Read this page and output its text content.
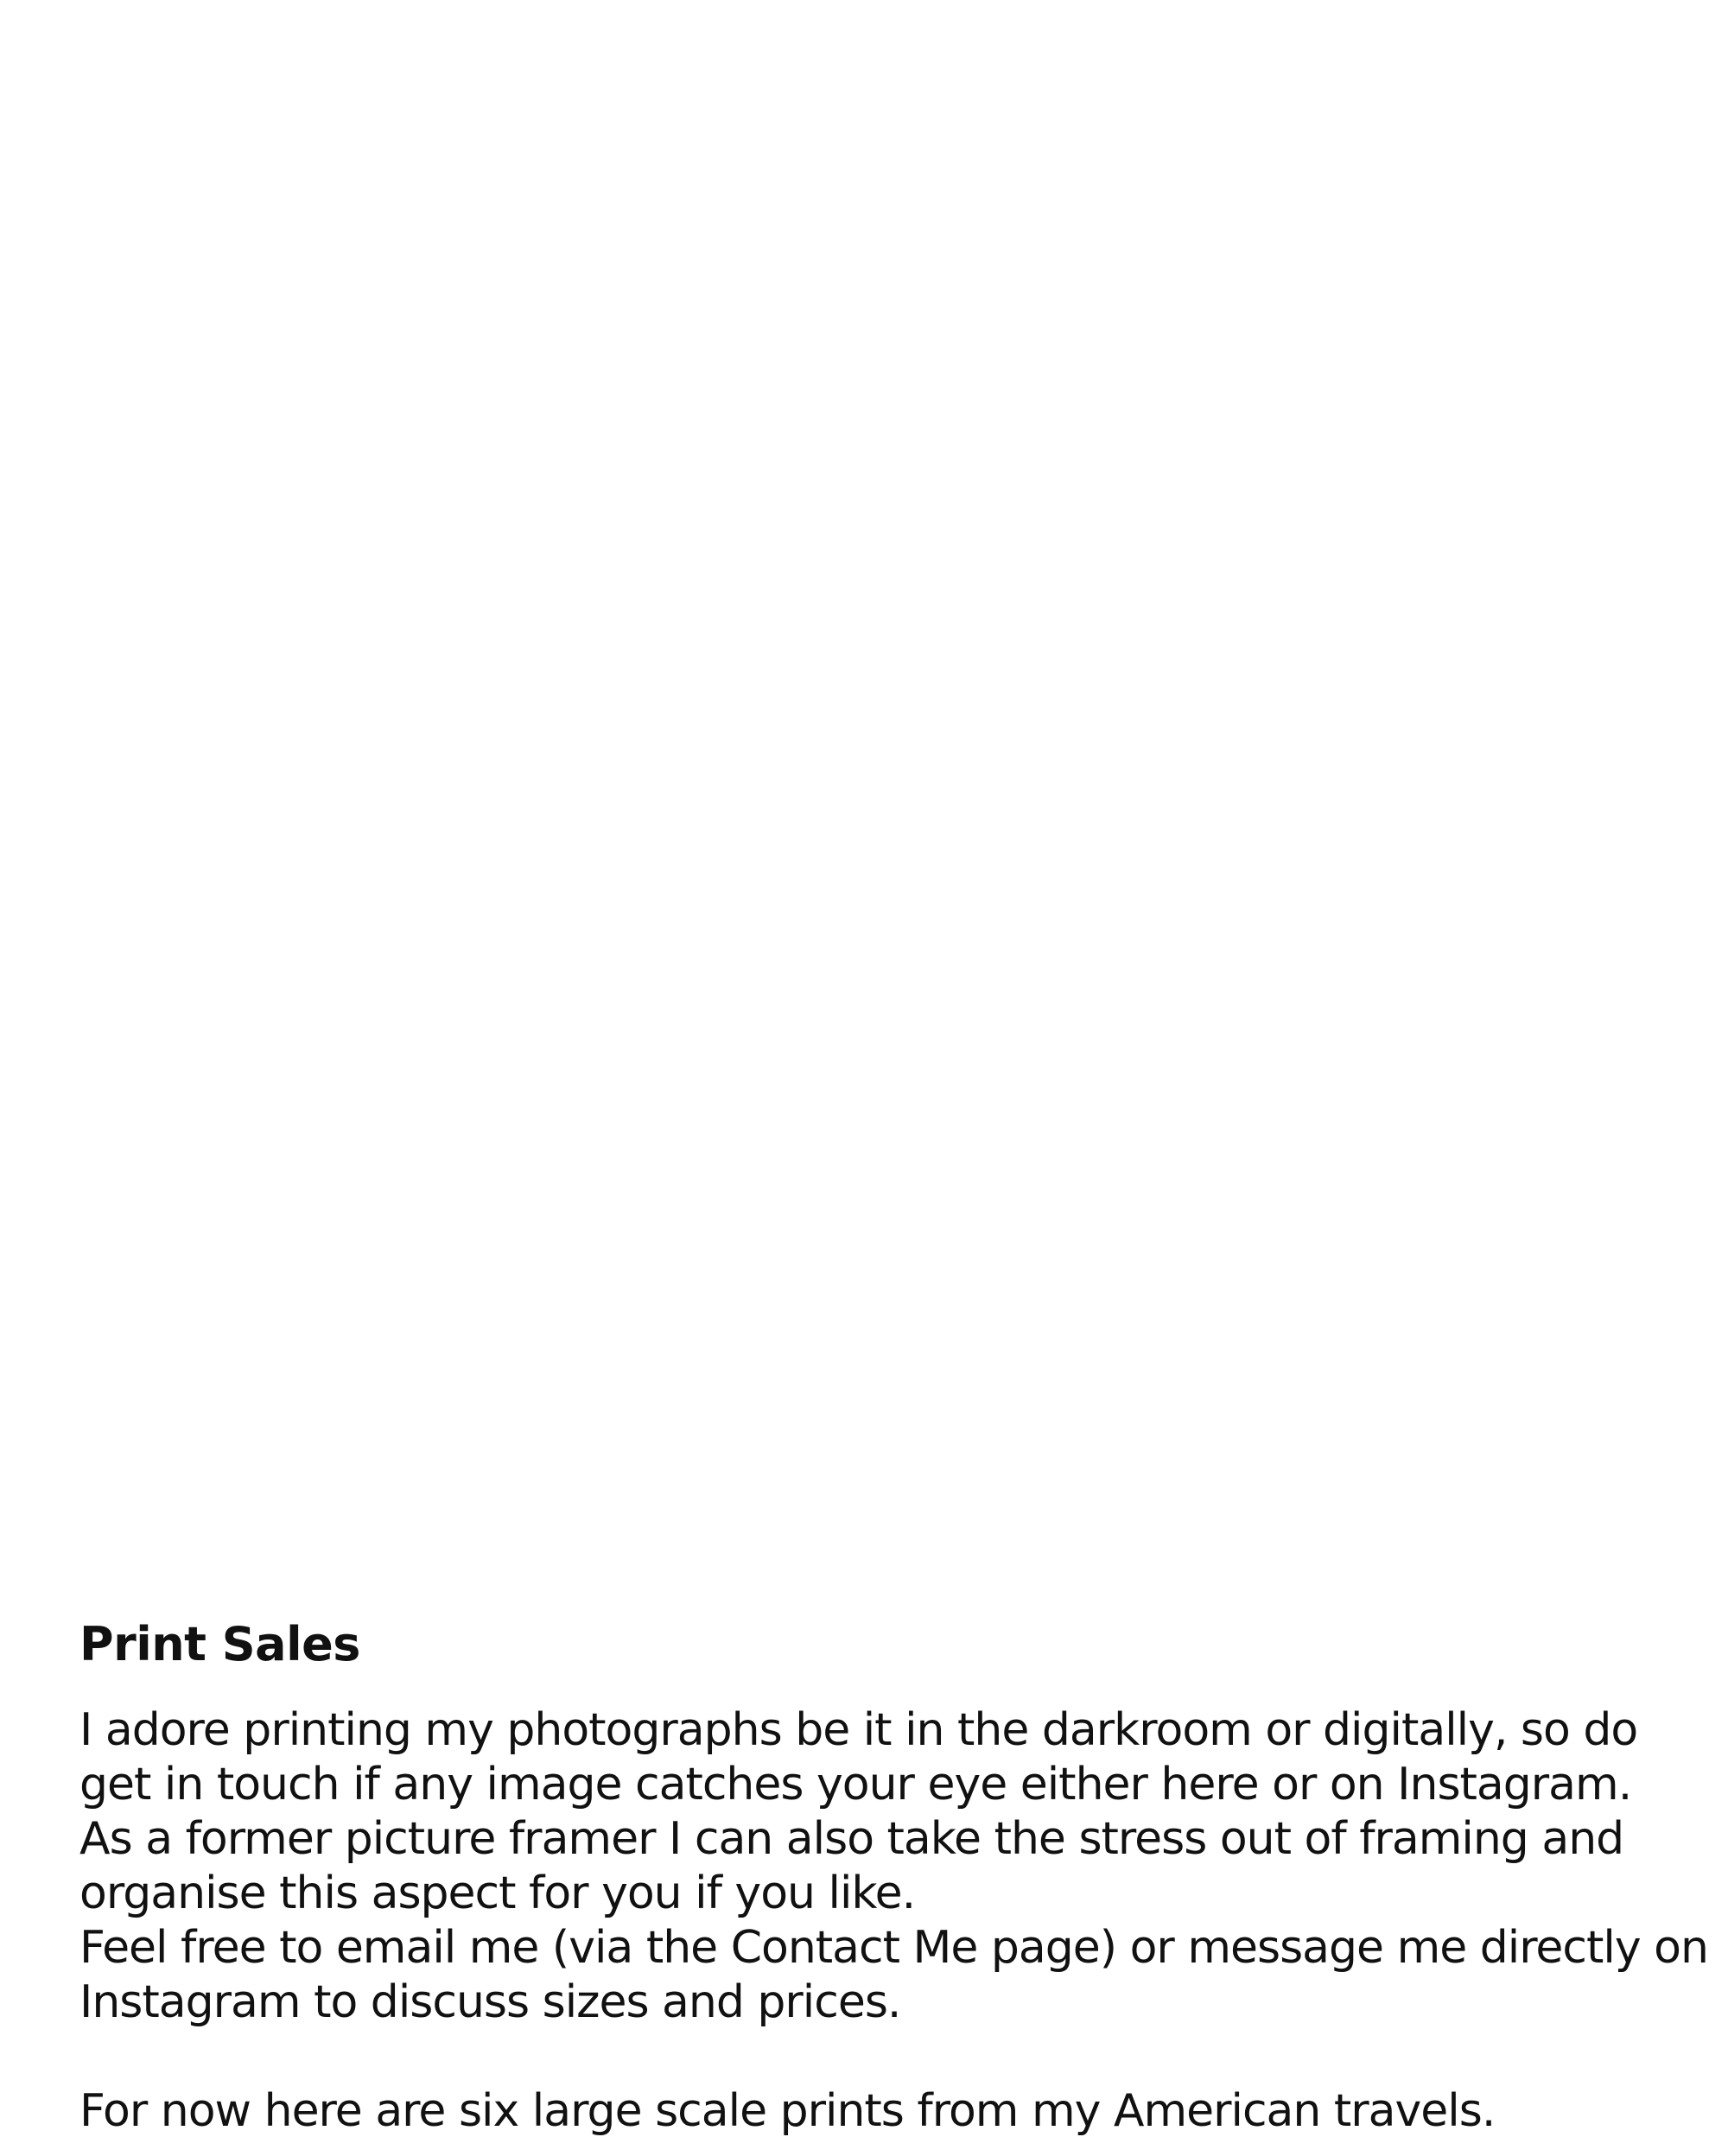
Print Sales

I adore printing my photographs be it in the darkroom or digitally, so do
get in touch if any image catches your eye either here or on Instagram.
As a former picture framer I can also take the stress out of framing and
organise this aspect for you if you like.
Feel free to email me (via the Contact Me page) or message me directly on
Instagram to discuss sizes and prices.

For now here are six large scale prints from my American travels.
